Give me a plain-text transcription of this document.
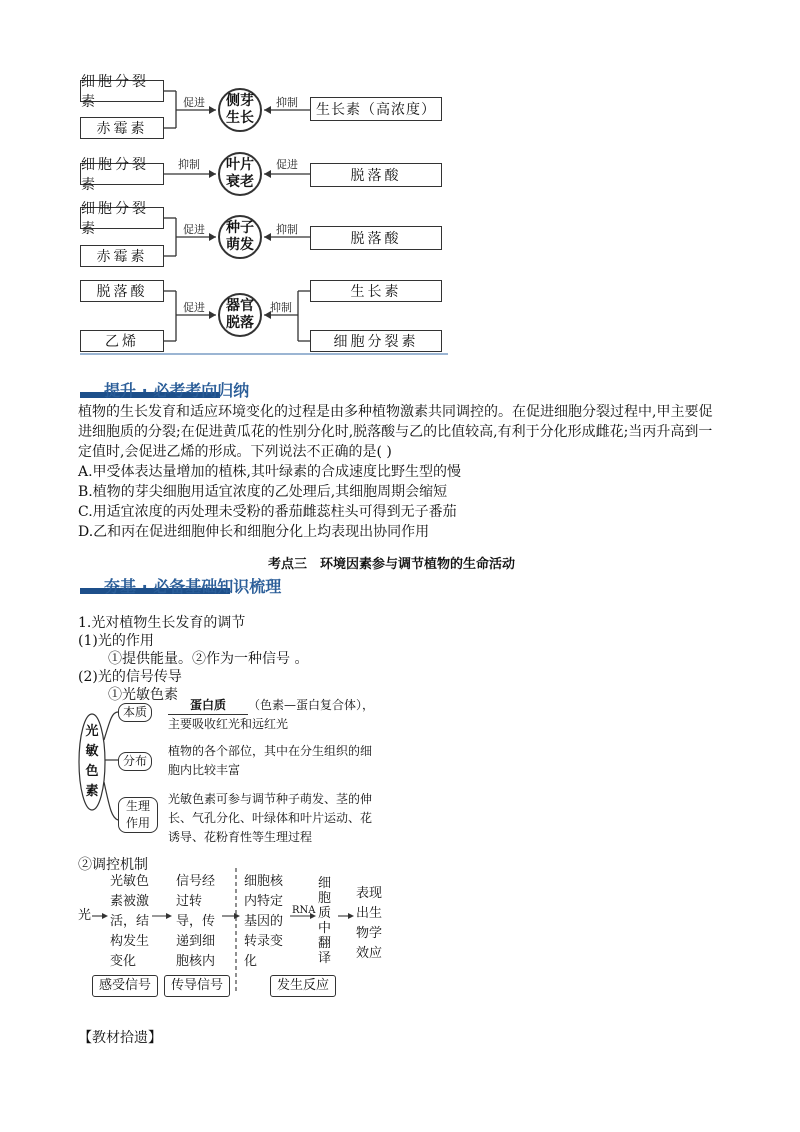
细胞分裂素
赤霉素
促进	侧芽生长
抑制	生长素（高浓度）
细胞分裂素
抑制	叶片衰老
促进
脱落酸
细胞分裂素
赤霉素
促进	种子萌发
抑制
脱落酸
脱落酸
乙烯
促进	器官脱落
抑制
生长素
细胞分裂素
提升 · 必考考向归纳
植物的生长发育和适应环境变化的过程是由多种植物激素共同调控的。在促进细胞分裂过程中,甲主要促
进细胞质的分裂;在促进黄瓜花的性别分化时,脱落酸与乙的比值较高,有利于分化形成雌花;当丙升高到一
定值时,会促进乙烯的形成。下列说法不正确的是( )
A.甲受体表达量增加的植株,其叶绿素的合成速度比野生型的慢
B.植物的芽尖细胞用适宜浓度的乙处理后,其细胞周期会缩短
C.用适宜浓度的丙处理未受粉的番茄雌蕊柱头可得到无子番茄
D.乙和丙在促进细胞伸长和细胞分化上均表现出协同作用
考点三　环境因素参与调节植物的生命活动
夯基 · 必备基础知识梳理
1.光对植物生长发育的调节
(1)光的作用
①提供能量。②作为一种信号 。
(2)光的信号传导
①光敏色素
光敏色素
本质	蛋白质 （色素—蛋白复合体），
主要吸收红光和远红光
分布
植物的各个部位，其中在分生组织的细
胞内比较丰富
生理作用
光敏色素可参与调节种子萌发、茎的伸
长、气孔分化、叶绿体和叶片运动、花
诱导、花粉育性等生理过程
②调控机制
光
光敏色素被激活，结构发生变化
信号经过转导，传递到细胞核内
细胞核内特定基因的转录变化
RNA
细胞质中翻译
表现出生物学效应
感受信号	传导信号	发生反应
【教材拾遗】
